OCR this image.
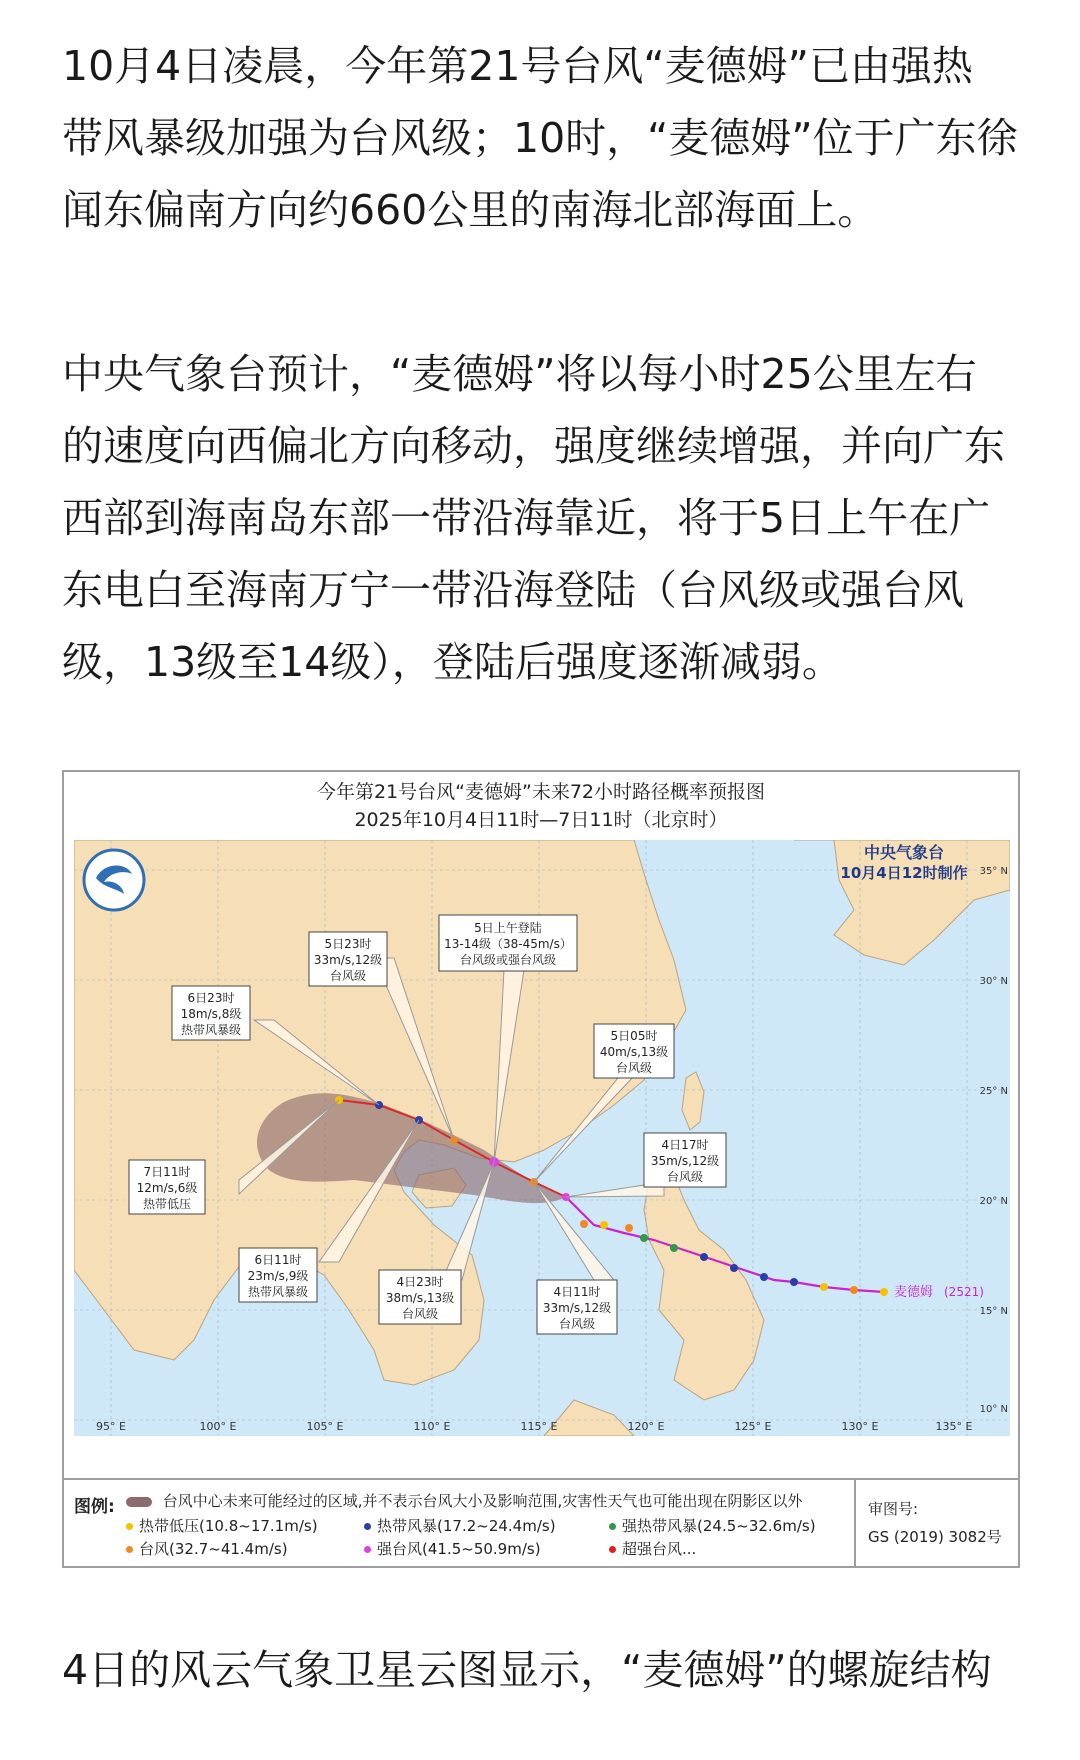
10月4日凌晨，今年第21号台风“麦德姆”已由强热
带风暴级加强为台风级；10时，“麦德姆”位于广东徐
闻东偏南方向约660公里的南海北部海面上。
中央气象台预计，“麦德姆”将以每小时25公里左右
的速度向西偏北方向移动，强度继续增强，并向广东
西部到海南岛东部一带沿海靠近，将于5日上午在广
东电白至海南万宁一带沿海登陆（台风级或强台风
级，13级至14级），登陆后强度逐渐减弱。
今年第21号台风“麦德姆”未来72小时路径概率预报图
2025年10月4日11时—7日11时（北京时）
中央气象台
10月4日12时制作
麦德姆 (2521)
95° E	100° E	105° E	110° E	115° E	120° E	125° E	130° E	135° E
35° N
30° N
25° N
20° N
15° N
10° N
5日上午登陆
13-14级（38-45m/s）
台风级或强台风级
5日23时
33m/s,12级
台风级
6日23时
18m/s,8级
热带风暴级	5日05时
40m/s,13级
台风级
4日17时
35m/s,12级
台风级
7日11时
12m/s,6级
热带低压
6日11时
23m/s,9级
热带风暴级
4日23时
38m/s,13级
台风级
4日11时
33m/s,12级
台风级
图例:	台风中心未来可能经过的区域,并不表示台风大小及影响范围,灾害性天气也可能出现在阴影区以外
热带低压(10.8~17.1m/s)	热带风暴(17.2~24.4m/s)	强热带风暴(24.5~32.6m/s)
台风(32.7~41.4m/s)	强台风(41.5~50.9m/s)	超强台风...
审图号:
GS (2019) 3082号
4日的风云气象卫星云图显示，“麦德姆”的螺旋结构
